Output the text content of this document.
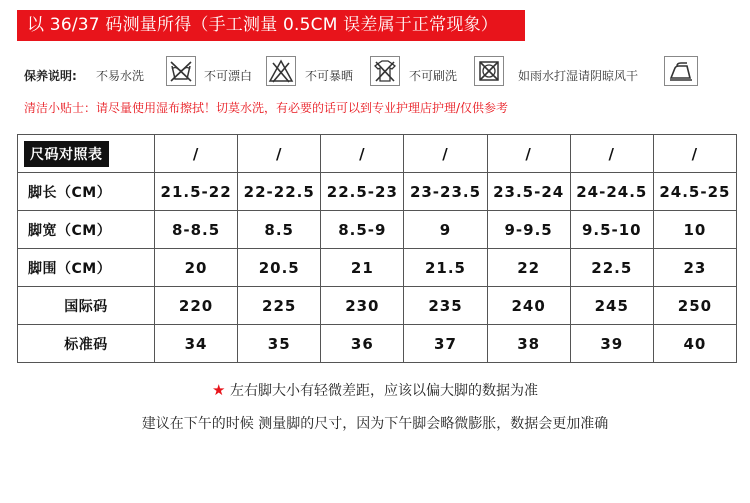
以 36/37 码测量所得（手工测量 0.5CM 误差属于正常现象）
保养说明: 不易水洗	不可漂白	不可暴晒	不可刷洗	如雨水打湿请阴晾风干
清洁小贴士：请尽量使用湿布擦拭！切莫水洗，有必要的话可以到专业护理店护理/仅供参考
尺码对照表	/	/	/	/	/	/	/
脚长（CM）	21.5-22	22-22.5	22.5-23	23-23.5	23.5-24	24-24.5	24.5-25
脚宽（CM）	8-8.5	8.5	8.5-9	9	9-9.5	9.5-10	10
脚围（CM）	20	20.5	21	21.5	22	22.5	23
国际码	220	225	230	235	240	245	250
标准码	34	35	36	37	38	39	40
★ 左右脚大小有轻微差距，应该以偏大脚的数据为准
建议在下午的时候 测量脚的尺寸，因为下午脚会略微膨胀，数据会更加准确
